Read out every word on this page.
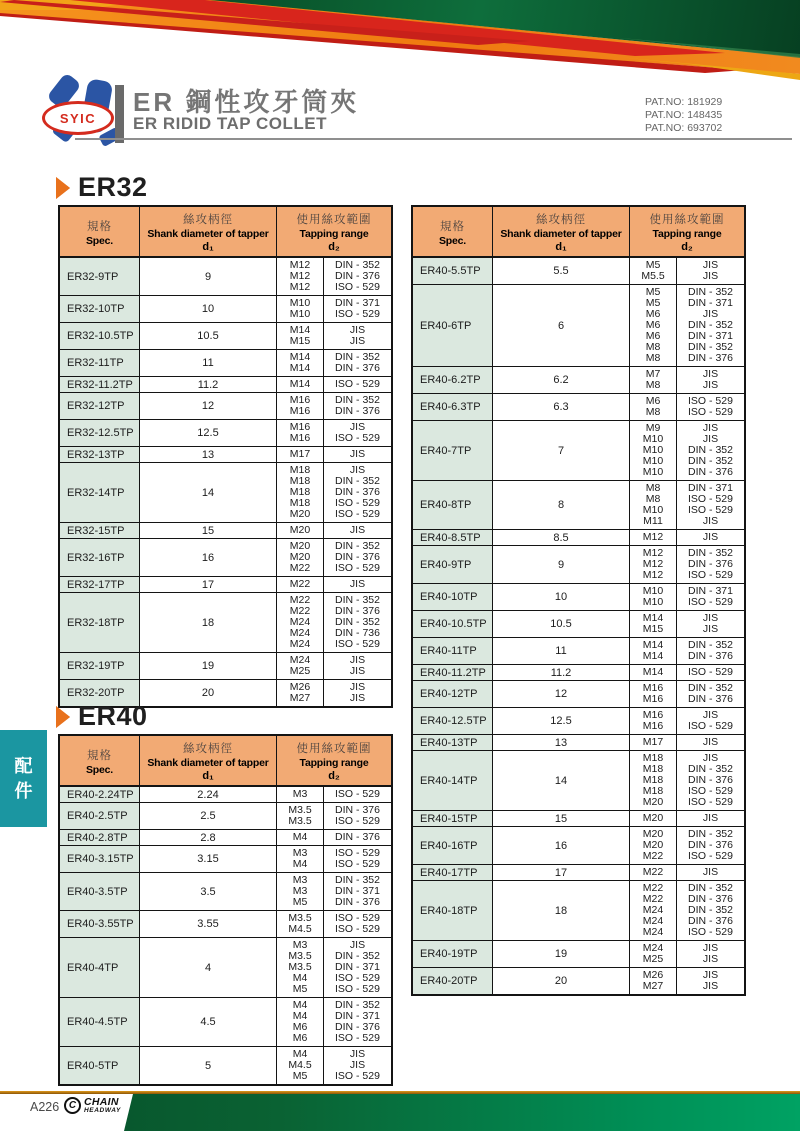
SYIC
ER 鋼性攻牙筒夾
ER RIDID TAP COLLET
PAT.NO: 181929
PAT.NO: 148435
PAT.NO: 693702
ER32
規格
Spec.
絲攻柄徑
Shank diameter of tapper
d₁
使用絲攻範圍
Tapping range
d₂
ER32-9TP	9
M12	DIN - 352
M12	DIN - 376
M12	ISO - 529
ER32-10TP	10	M10	DIN - 371
M10	ISO - 529
ER32-10.5TP	10.5	M14	JIS
M15	JIS
ER32-11TP	11	M14	DIN - 352
M14	DIN - 376
ER32-11.2TP	11.2	M14	ISO - 529
ER32-12TP	12	M16	DIN - 352
M16	DIN - 376
ER32-12.5TP	12.5	M16	JIS
M16	ISO - 529
ER32-13TP	13	M17	JIS
ER32-14TP	14
M18	JIS
M18	DIN - 352
M18	DIN - 376
M18	ISO - 529
M20	ISO - 529
ER32-15TP	15	M20	JIS
ER32-16TP	16
M20	DIN - 352
M20	DIN - 376
M22	ISO - 529
ER32-17TP	17	M22	JIS
ER32-18TP	18
M22	DIN - 352
M22	DIN - 376
M24	DIN - 352
M24	DIN - 736
M24	ISO - 529
ER32-19TP	19	M24	JIS
M25	JIS
ER32-20TP	20	M26	JIS
M27	JIS
ER40
規格
Spec.
絲攻柄徑
Shank diameter of tapper
d₁
使用絲攻範圍
Tapping range
d₂
ER40-2.24TP	2.24	M3	ISO - 529
ER40-2.5TP	2.5	M3.5	DIN - 376
M3.5	ISO - 529
ER40-2.8TP	2.8	M4	DIN - 376
ER40-3.15TP	3.15	M3	ISO - 529
M4	ISO - 529
ER40-3.5TP	3.5
M3	DIN - 352
M3	DIN - 371
M5	DIN - 376
ER40-3.55TP	3.55	M3.5	ISO - 529
M4.5	ISO - 529
ER40-4TP	4
M3	JIS
M3.5	DIN - 352
M3.5	DIN - 371
M4	ISO - 529
M5	ISO - 529
ER40-4.5TP	4.5
M4	DIN - 352
M4	DIN - 371
M6	DIN - 376
M6	ISO - 529
ER40-5TP	5
M4	JIS
M4.5	JIS
M5	ISO - 529
規格
Spec.
絲攻柄徑
Shank diameter of tapper
d₁
使用絲攻範圍
Tapping range
d₂
ER40-5.5TP	5.5	M5	JIS
M5.5	JIS
ER40-6TP	6
M5	DIN - 352
M5	DIN - 371
M6	JIS
M6	DIN - 352
M6	DIN - 371
M8	DIN - 352
M8	DIN - 376
ER40-6.2TP	6.2	M7	JIS
M8	JIS
ER40-6.3TP	6.3	M6	ISO - 529
M8	ISO - 529
ER40-7TP	7
M9	JIS
M10	JIS
M10	DIN - 352
M10	DIN - 352
M10	DIN - 376
ER40-8TP	8
M8	DIN - 371
M8	ISO - 529
M10	ISO - 529
M11	JIS
ER40-8.5TP	8.5	M12	JIS
ER40-9TP	9
M12	DIN - 352
M12	DIN - 376
M12	ISO - 529
ER40-10TP	10	M10	DIN - 371
M10	ISO - 529
ER40-10.5TP	10.5	M14	JIS
M15	JIS
ER40-11TP	11	M14	DIN - 352
M14	DIN - 376
ER40-11.2TP	11.2	M14	ISO - 529
ER40-12TP	12	M16	DIN - 352
M16	DIN - 376
ER40-12.5TP	12.5	M16	JIS
M16	ISO - 529
ER40-13TP	13	M17	JIS
ER40-14TP	14
M18	JIS
M18	DIN - 352
M18	DIN - 376
M18	ISO - 529
M20	ISO - 529
ER40-15TP	15	M20	JIS
ER40-16TP	16
M20	DIN - 352
M20	DIN - 376
M22	ISO - 529
ER40-17TP	17	M22	JIS
ER40-18TP	18
M22	DIN - 352
M22	DIN - 376
M24	DIN - 352
M24	DIN - 376
M24	ISO - 529
ER40-19TP	19	M24	JIS
M25	JIS
ER40-20TP	20	M26	JIS
M27	JIS
配
件
A226 C CHAIN
HEADWAY
